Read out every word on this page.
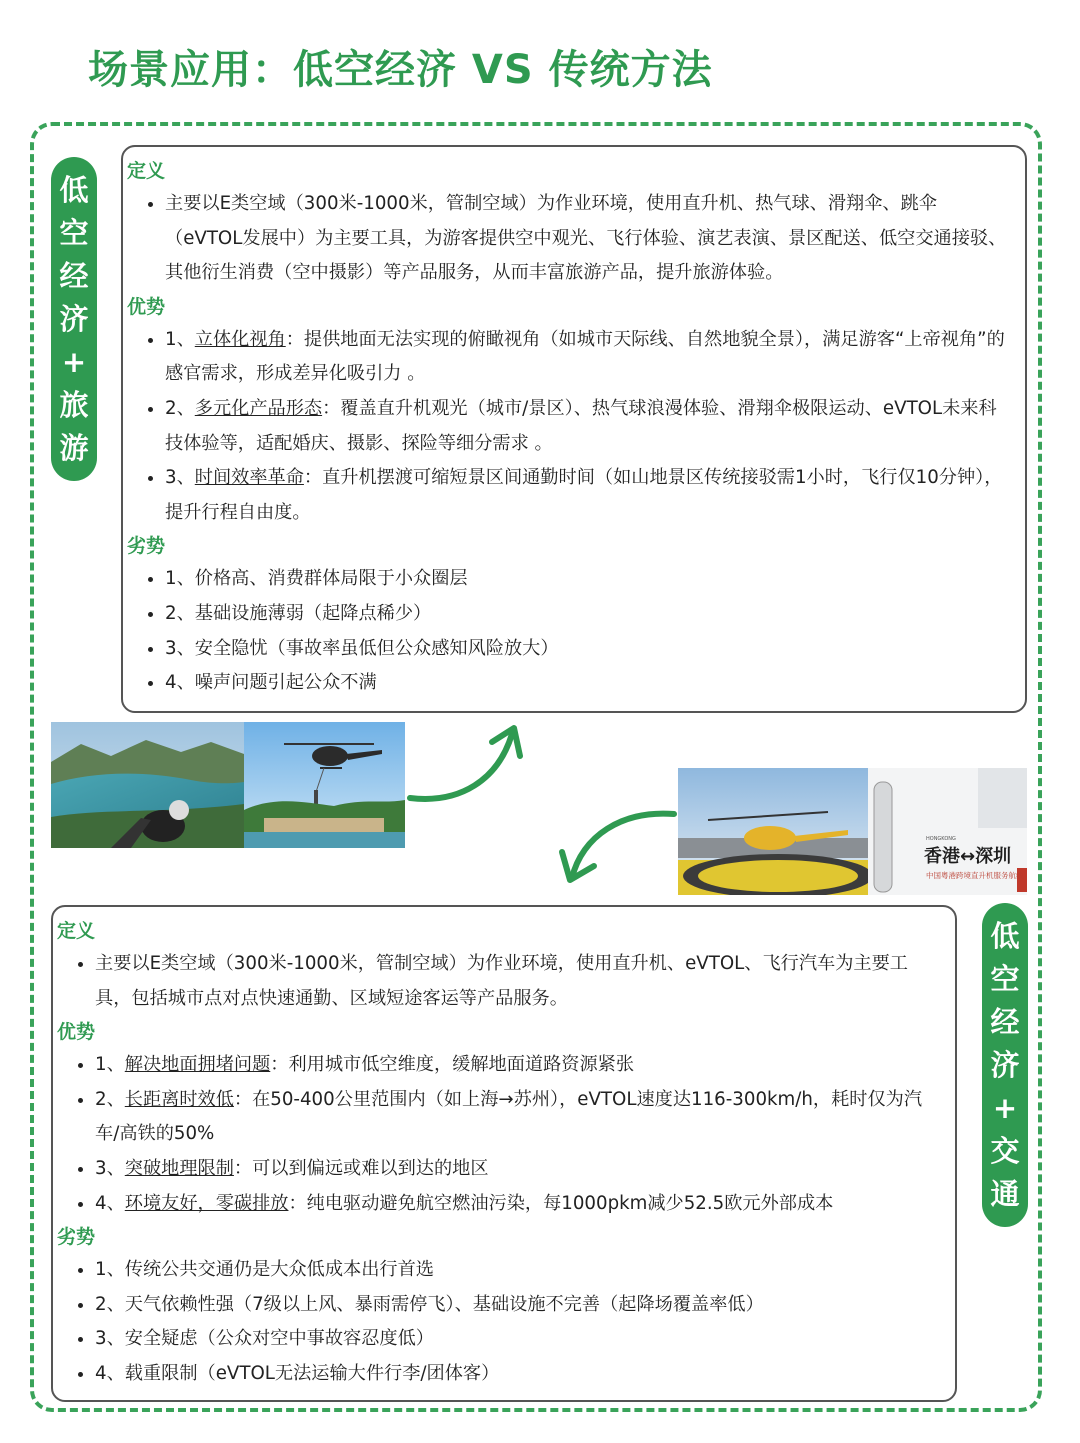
场景应用：低空经济 VS 传统方法
低
空
经
济
+
旅
游

定义

• 主要以E类空域（300米-1000米，管制空域）为作业环境，使用直升机、热气球、滑翔伞、跳伞（eVTOL发展中）为主要工具，为游客提供空中观光、飞行体验、演艺表演、景区配送、低空交通接驳、其他衍生消费（空中摄影）等产品服务，从而丰富旅游产品，提升旅游体验。

优势

• 1、立体化视角：提供地面无法实现的俯瞰视角（如城市天际线、自然地貌全景），满足游客“上帝视角”的感官需求，形成差异化吸引力 。
• 2、多元化产品形态：覆盖直升机观光（城市/景区）、热气球浪漫体验、滑翔伞极限运动、eVTOL未来科技体验等，适配婚庆、摄影、探险等细分需求 。
• 3、时间效率革命：直升机摆渡可缩短景区间通勤时间（如山地景区传统接驳需1小时，飞行仅10分钟），提升行程自由度。

劣势

• 1、价格高、消费群体局限于小众圈层
• 2、基础设施薄弱（起降点稀少）
• 3、安全隐忧（事故率虽低但公众感知风险放大）
• 4、噪声问题引起公众不满
HONGKONG
香港↔深圳
中国粤港跨境直升机服务航线

定义

• 主要以E类空域（300米-1000米，管制空域）为作业环境，使用直升机、eVTOL、飞行汽车为主要工具，包括城市点对点快速通勤、区域短途客运等产品服务。

优势

• 1、解决地面拥堵问题：利用城市低空维度，缓解地面道路资源紧张
• 2、长距离时效低：在50-400公里范围内（如上海→苏州），eVTOL速度达116-300km/h，耗时仅为汽车/高铁的50%
• 3、突破地理限制：可以到偏远或难以到达的地区
• 4、环境友好，零碳排放：纯电驱动避免航空燃油污染，每1000pkm减少52.5欧元外部成本

劣势

• 1、传统公共交通仍是大众低成本出行首选
• 2、天气依赖性强（7级以上风、暴雨需停飞）、基础设施不完善（起降场覆盖率低）
• 3、安全疑虑（公众对空中事故容忍度低）
• 4、载重限制（eVTOL无法运输大件行李/团体客）
低
空
经
济
+
交
通
